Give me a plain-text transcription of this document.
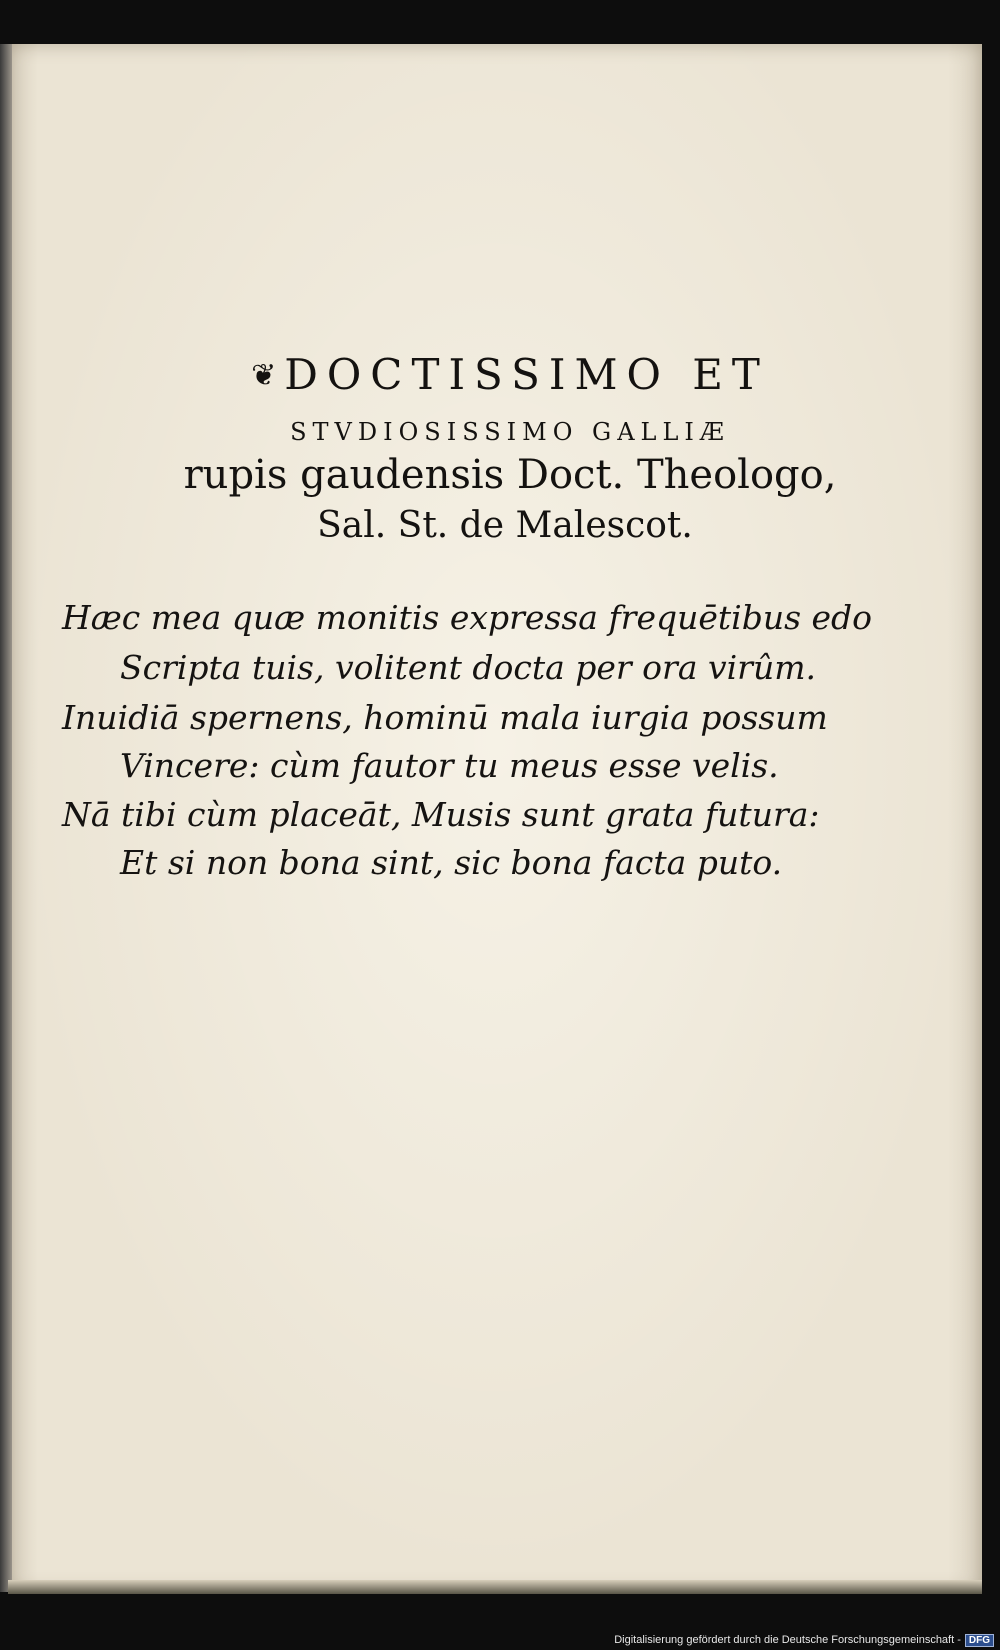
❦ DOCTISSIMO ET
STVDIOSISSIMO GALLIÆ
rupis gaudensis Doct. Theologo,
Sal. St. de Malescot.
Hæc mea quæ monitis expressa frequētibus edo
Scripta tuis, volitent docta per ora virûm.
Inuidiā spernens, hominū mala iurgia possum
Vincere: cùm fautor tu meus esse velis.
Nā tibi cùm placeāt, Musis sunt grata futura:
Et si non bona sint, sic bona facta puto.
Digitalisierung gefördert durch die Deutsche Forschungsgemeinschaft - DFG
